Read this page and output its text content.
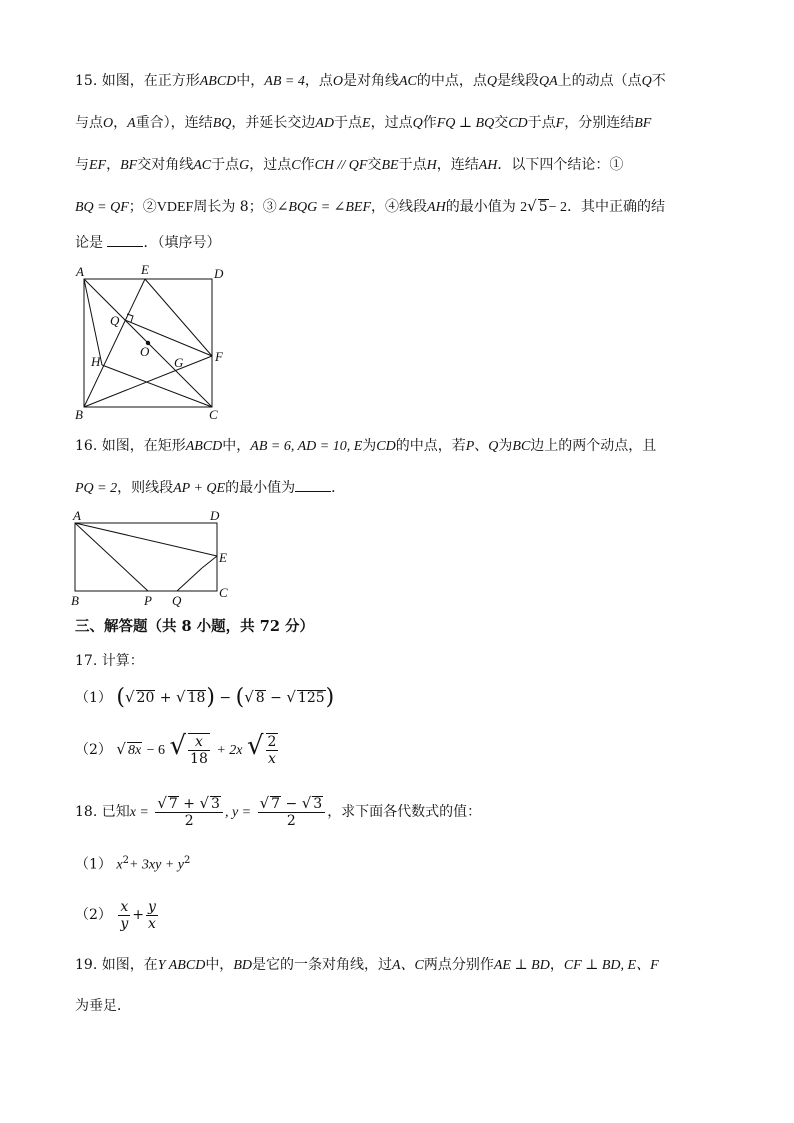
15. 如图，在正方形ABCD中，AB = 4，点O是对角线AC的中点，点Q是线段QA上的动点（点Q不
与点O，A重合），连结BQ，并延长交边AD于点E，过点Q作FQ ⊥ BQ交CD于点F，分别连结BF
与EF，BF交对角线AC于点G，过点C作CH // QF交BE于点H，连结AH．以下四个结论：①
BQ = QF；②VDEF周长为 8；③∠BQG = ∠BEF，④线段AH的最小值为 2√ 5− 2．其中正确的结
论是	．（填序号）
A	E	D
Q
O
H	G F
B	C
16. 如图，在矩形ABCD中，AB = 6, AD = 10, E为CD的中点，若P、Q为BC边上的两个动点，且
PQ = 2，则线段AP + QE的最小值为	．
A	D
E
B	P Q
C
三、解答题（共 8 小题，共 72 分）
17. 计算：
（1） (√ 20 + √ 18) − (√ 8 − √ 125)
（2） √ 8x − 6 √ $\frac{x}{18} + 2x$ √ $\frac{2}{x}$
18. 已知$x = \frac{√ 7 + √ 3}{2}$ , $y = \frac{√ 7 - √ 3}{2}$ ，求下面各代数式的值：
（1） $x^2+ 3xy + y^2$
$(2) \frac{x}{y} + \frac{y}{x}$
19. 如图，在Y ABCD中，BD是它的一条对角线，过A、C两点分别作AE ⊥ BD，CF ⊥ BD, E、F
为垂足．
